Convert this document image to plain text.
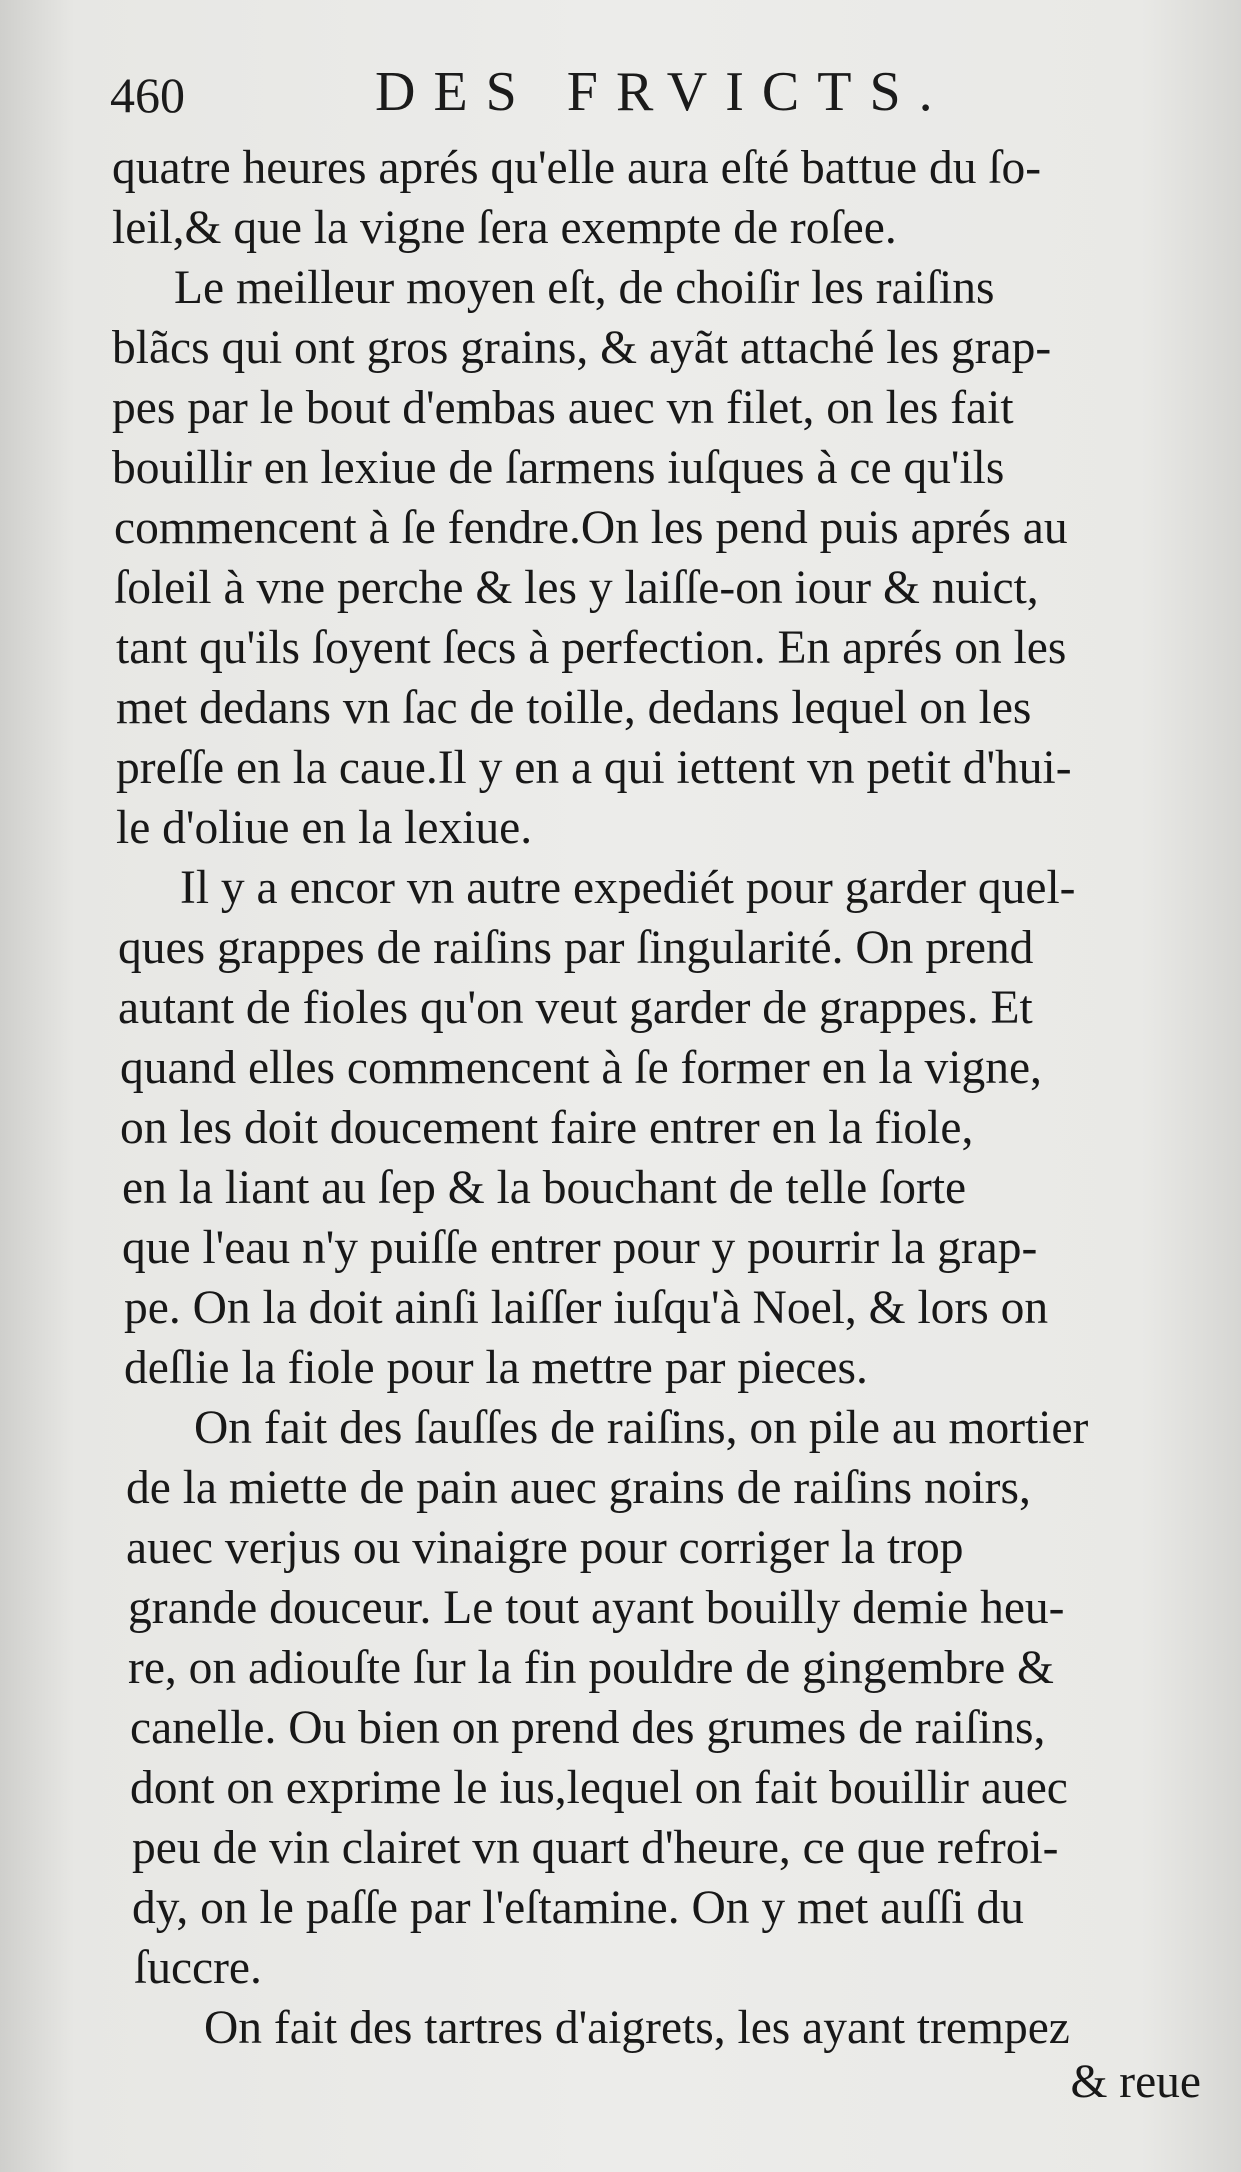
460	DES FRVICTS.
quatre heures aprés qu'elle aura eſté battue du ſo-
leil,& que la vigne ſera exempte de roſee.
Le meilleur moyen eſt, de choiſir les raiſins
blãcs qui ont gros grains, & ayãt attaché les grap-
pes par le bout d'embas auec vn filet, on les fait
bouillir en lexiue de ſarmens iuſques à ce qu'ils
commencent à ſe fendre.On les pend puis aprés au
ſoleil à vne perche & les y laiſſe-on iour & nuict,
tant qu'ils ſoyent ſecs à perfection. En aprés on les
met dedans vn ſac de toille, dedans lequel on les
preſſe en la caue.Il y en a qui iettent vn petit d'hui-
le d'oliue en la lexiue.
Il y a encor vn autre expediét pour garder quel-
ques grappes de raiſins par ſingularité. On prend
autant de fioles qu'on veut garder de grappes. Et
quand elles commencent à ſe former en la vigne,
on les doit doucement faire entrer en la fiole,
en la liant au ſep & la bouchant de telle ſorte
que l'eau n'y puiſſe entrer pour y pourrir la grap-
pe. On la doit ainſi laiſſer iuſqu'à Noel, & lors on
deſlie la fiole pour la mettre par pieces.
On fait des ſauſſes de raiſins, on pile au mortier
de la miette de pain auec grains de raiſins noirs,
auec verjus ou vinaigre pour corriger la trop
grande douceur. Le tout ayant bouilly demie heu-
re, on adiouſte ſur la fin pouldre de gingembre &
canelle. Ou bien on prend des grumes de raiſins,
dont on exprime le ius,lequel on fait bouillir auec
peu de vin clairet vn quart d'heure, ce que refroi-
dy, on le paſſe par l'eſtamine. On y met auſſi du
ſuccre.
On fait des tartres d'aigrets, les ayant trempez
& reue
